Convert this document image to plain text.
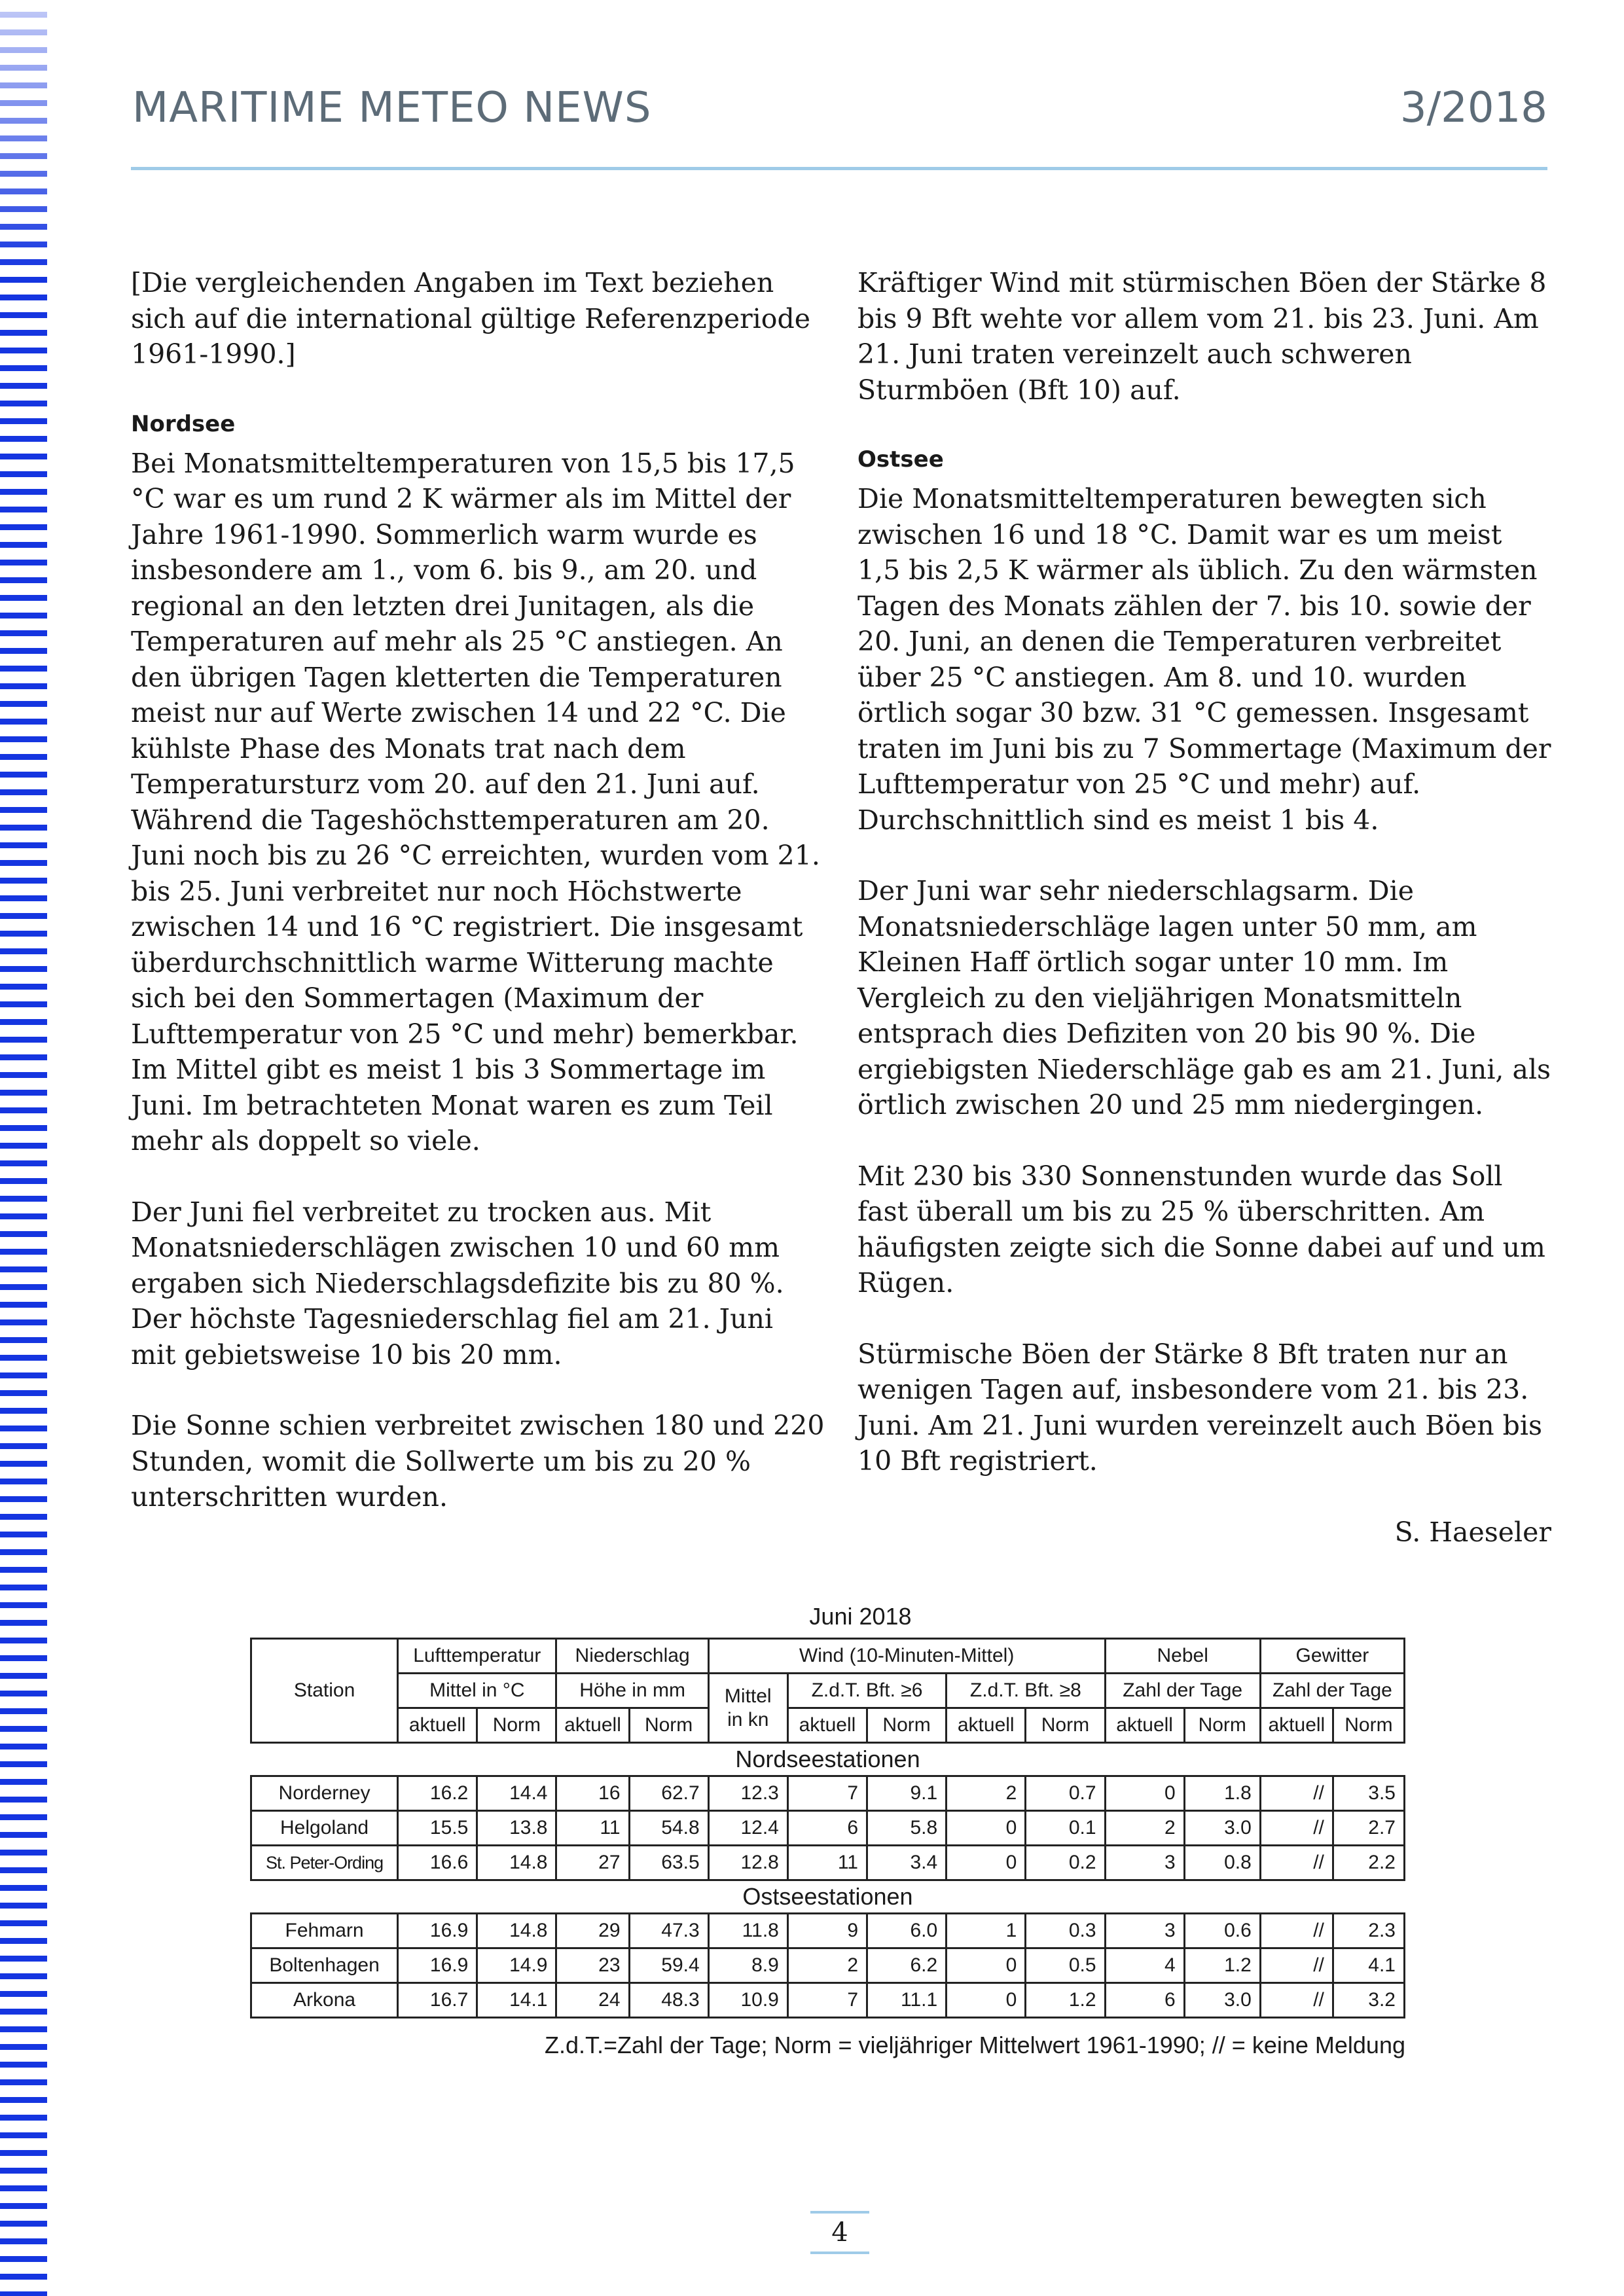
MARITIME METEO NEWS	3/2018

[Die vergleichenden Angaben im Text beziehen sich auf die international gültige Referenzperiode 1961-1990.]

Nordsee

Bei Monatsmitteltemperaturen von 15,5 bis 17,5 °C war es um rund 2 K wärmer als im Mittel der Jahre 1961-1990. Sommerlich warm wurde es insbesondere am 1., vom 6. bis 9., am 20. und regional an den letzten drei Junitagen, als die Temperaturen auf mehr als 25 °C anstiegen. An den übrigen Tagen kletterten die Temperaturen meist nur auf Werte zwischen 14 und 22 °C. Die kühlste Phase des Monats trat nach dem Temperatursturz vom 20. auf den 21. Juni auf. Während die Tageshöchsttemperaturen am 20. Juni noch bis zu 26 °C erreichten, wurden vom 21. bis 25. Juni verbreitet nur noch Höchstwerte zwischen 14 und 16 °C registriert. Die insgesamt überdurchschnittlich warme Witterung machte sich bei den Sommertagen (Maximum der Lufttemperatur von 25 °C und mehr) bemerkbar. Im Mittel gibt es meist 1 bis 3 Sommertage im Juni. Im betrachteten Monat waren es zum Teil mehr als doppelt so viele.

Der Juni fiel verbreitet zu trocken aus. Mit Monatsniederschlägen zwischen 10 und 60 mm ergaben sich Niederschlagsdefizite bis zu 80 %. Der höchste Tagesniederschlag fiel am 21. Juni mit gebietsweise 10 bis 20 mm.

Die Sonne schien verbreitet zwischen 180 und 220 Stunden, womit die Sollwerte um bis zu 20 % unterschritten wurden.

Kräftiger Wind mit stürmischen Böen der Stärke 8 bis 9 Bft wehte vor allem vom 21. bis 23. Juni. Am 21. Juni traten vereinzelt auch schweren Sturmböen (Bft 10) auf.

Ostsee

Die Monatsmitteltemperaturen bewegten sich zwischen 16 und 18 °C. Damit war es um meist 1,5 bis 2,5 K wärmer als üblich. Zu den wärmsten Tagen des Monats zählen der 7. bis 10. sowie der 20. Juni, an denen die Temperaturen verbreitet über 25 °C anstiegen. Am 8. und 10. wurden örtlich sogar 30 bzw. 31 °C gemessen. Insgesamt traten im Juni bis zu 7 Sommertage (Maximum der Lufttemperatur von 25 °C und mehr) auf. Durchschnittlich sind es meist 1 bis 4.

Der Juni war sehr niederschlagsarm. Die Monatsniederschläge lagen unter 50 mm, am Kleinen Haff örtlich sogar unter 10 mm. Im Vergleich zu den vieljährigen Monatsmitteln entsprach dies Defiziten von 20 bis 90 %. Die ergiebigsten Niederschläge gab es am 21. Juni, als örtlich zwischen 20 und 25 mm niedergingen.

Mit 230 bis 330 Sonnenstunden wurde das Soll fast überall um bis zu 25 % überschritten. Am häufigsten zeigte sich die Sonne dabei auf und um Rügen.

Stürmische Böen der Stärke 8 Bft traten nur an wenigen Tagen auf, insbesondere vom 21. bis 23. Juni. Am 21. Juni wurden vereinzelt auch Böen bis 10 Bft registriert.

S. Haeseler

Juni 2018
Station	Lufttemperatur		Niederschlag		Wind (10-Minuten-Mittel)					Nebel		Gewitter	
	Mittel in °C		Höhe in mm		Mittel
in kn	Z.d.T. Bft. ≥6		Z.d.T. Bft. ≥8		Zahl der Tage		Zahl der Tage	
	aktuell	Norm	aktuell	Norm		aktuell	Norm	aktuell	Norm	aktuell	Norm	aktuell	Norm
Nordseestationen													
Norderney	16.2	14.4	16	62.7	12.3	7	9.1	2	0.7	0	1.8	//	3.5
Helgoland	15.5	13.8	11	54.8	12.4	6	5.8	0	0.1	2	3.0	//	2.7
St. Peter-Ording	16.6	14.8	27	63.5	12.8	11	3.4	0	0.2	3	0.8	//	2.2
Ostseestationen													
Fehmarn	16.9	14.8	29	47.3	11.8	9	6.0	1	0.3	3	0.6	//	2.3
Boltenhagen	16.9	14.9	23	59.4	8.9	2	6.2	0	0.5	4	1.2	//	4.1
Arkona	16.7	14.1	24	48.3	10.9	7	11.1	0	1.2	6	3.0	//	3.2
Z.d.T.=Zahl der Tage; Norm = vieljähriger Mittelwert 1961-1990; // = keine Meldung
4
